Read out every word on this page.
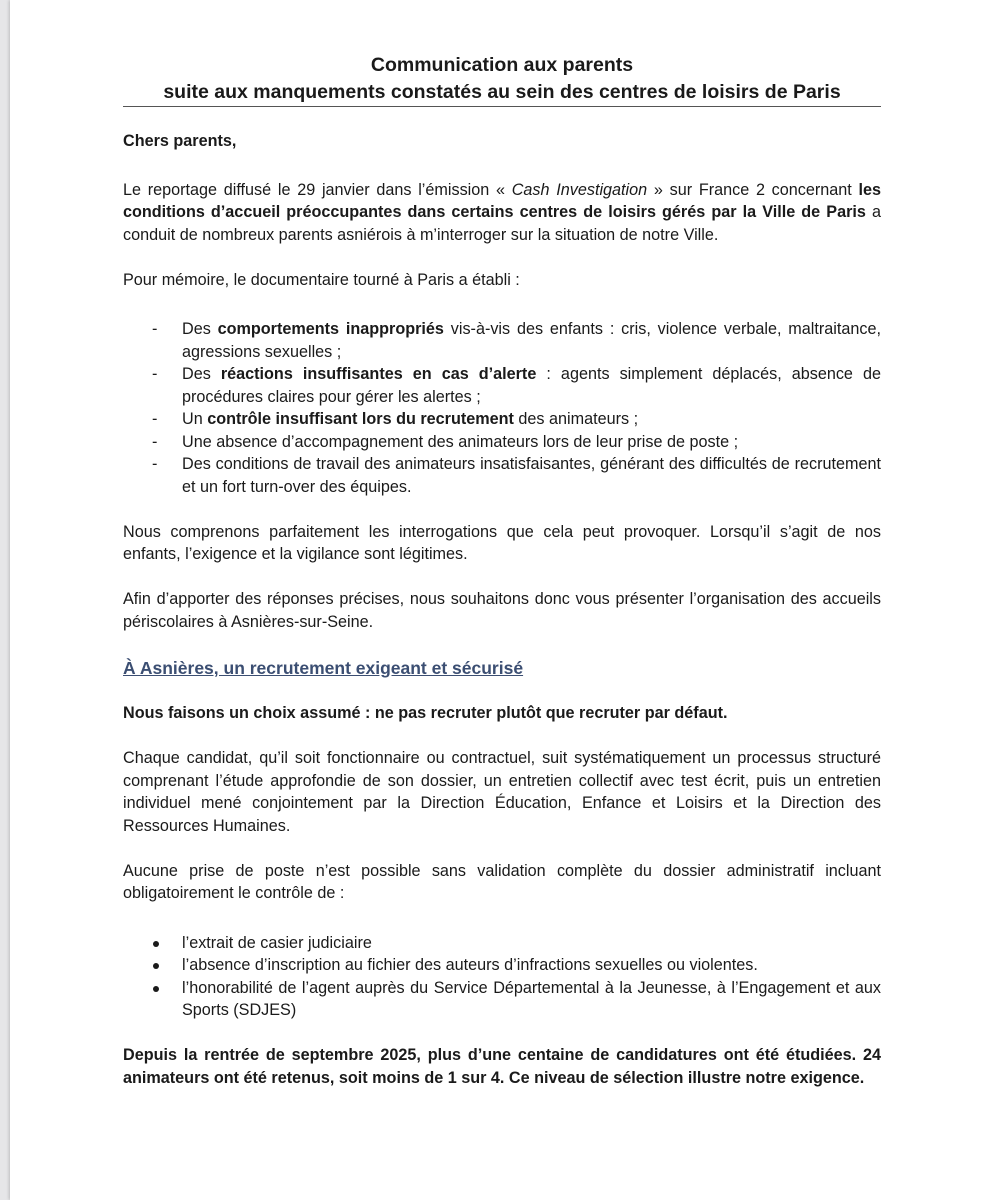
Communication aux parents
suite aux manquements constatés au sein des centres de loisirs de Paris

Chers parents,

Le reportage diffusé le 29 janvier dans l’émission « Cash Investigation » sur France 2 concernant les conditions d’accueil préoccupantes dans certains centres de loisirs gérés par la Ville de Paris a conduit de nombreux parents asniérois à m’interroger sur la situation de notre Ville.

Pour mémoire, le documentaire tourné à Paris a établi :

- Des comportements inappropriés vis-à-vis des enfants : cris, violence verbale, maltraitance, agressions sexuelles ;
- Des réactions insuffisantes en cas d’alerte : agents simplement déplacés, absence de procédures claires pour gérer les alertes ;
- Un contrôle insuffisant lors du recrutement des animateurs ;
- Une absence d’accompagnement des animateurs lors de leur prise de poste ;
- Des conditions de travail des animateurs insatisfaisantes, générant des difficultés de recrutement et un fort turn-over des équipes.

Nous comprenons parfaitement les interrogations que cela peut provoquer. Lorsqu’il s’agit de nos enfants, l’exigence et la vigilance sont légitimes.

Afin d’apporter des réponses précises, nous souhaitons donc vous présenter l’organisation des accueils périscolaires à Asnières-sur-Seine.

À Asnières, un recrutement exigeant et sécurisé

Nous faisons un choix assumé : ne pas recruter plutôt que recruter par défaut.

Chaque candidat, qu’il soit fonctionnaire ou contractuel, suit systématiquement un processus structuré comprenant l’étude approfondie de son dossier, un entretien collectif avec test écrit, puis un entretien individuel mené conjointement par la Direction Éducation, Enfance et Loisirs et la Direction des Ressources Humaines.

Aucune prise de poste n’est possible sans validation complète du dossier administratif incluant obligatoirement le contrôle de :

l’extrait de casier judiciaire
l’absence d’inscription au fichier des auteurs d’infractions sexuelles ou violentes.
l’honorabilité de l’agent auprès du Service Départemental à la Jeunesse, à l’Engagement et aux Sports (SDJES)

Depuis la rentrée de septembre 2025, plus d’une centaine de candidatures ont été étudiées. 24 animateurs ont été retenus, soit moins de 1 sur 4. Ce niveau de sélection illustre notre exigence.
